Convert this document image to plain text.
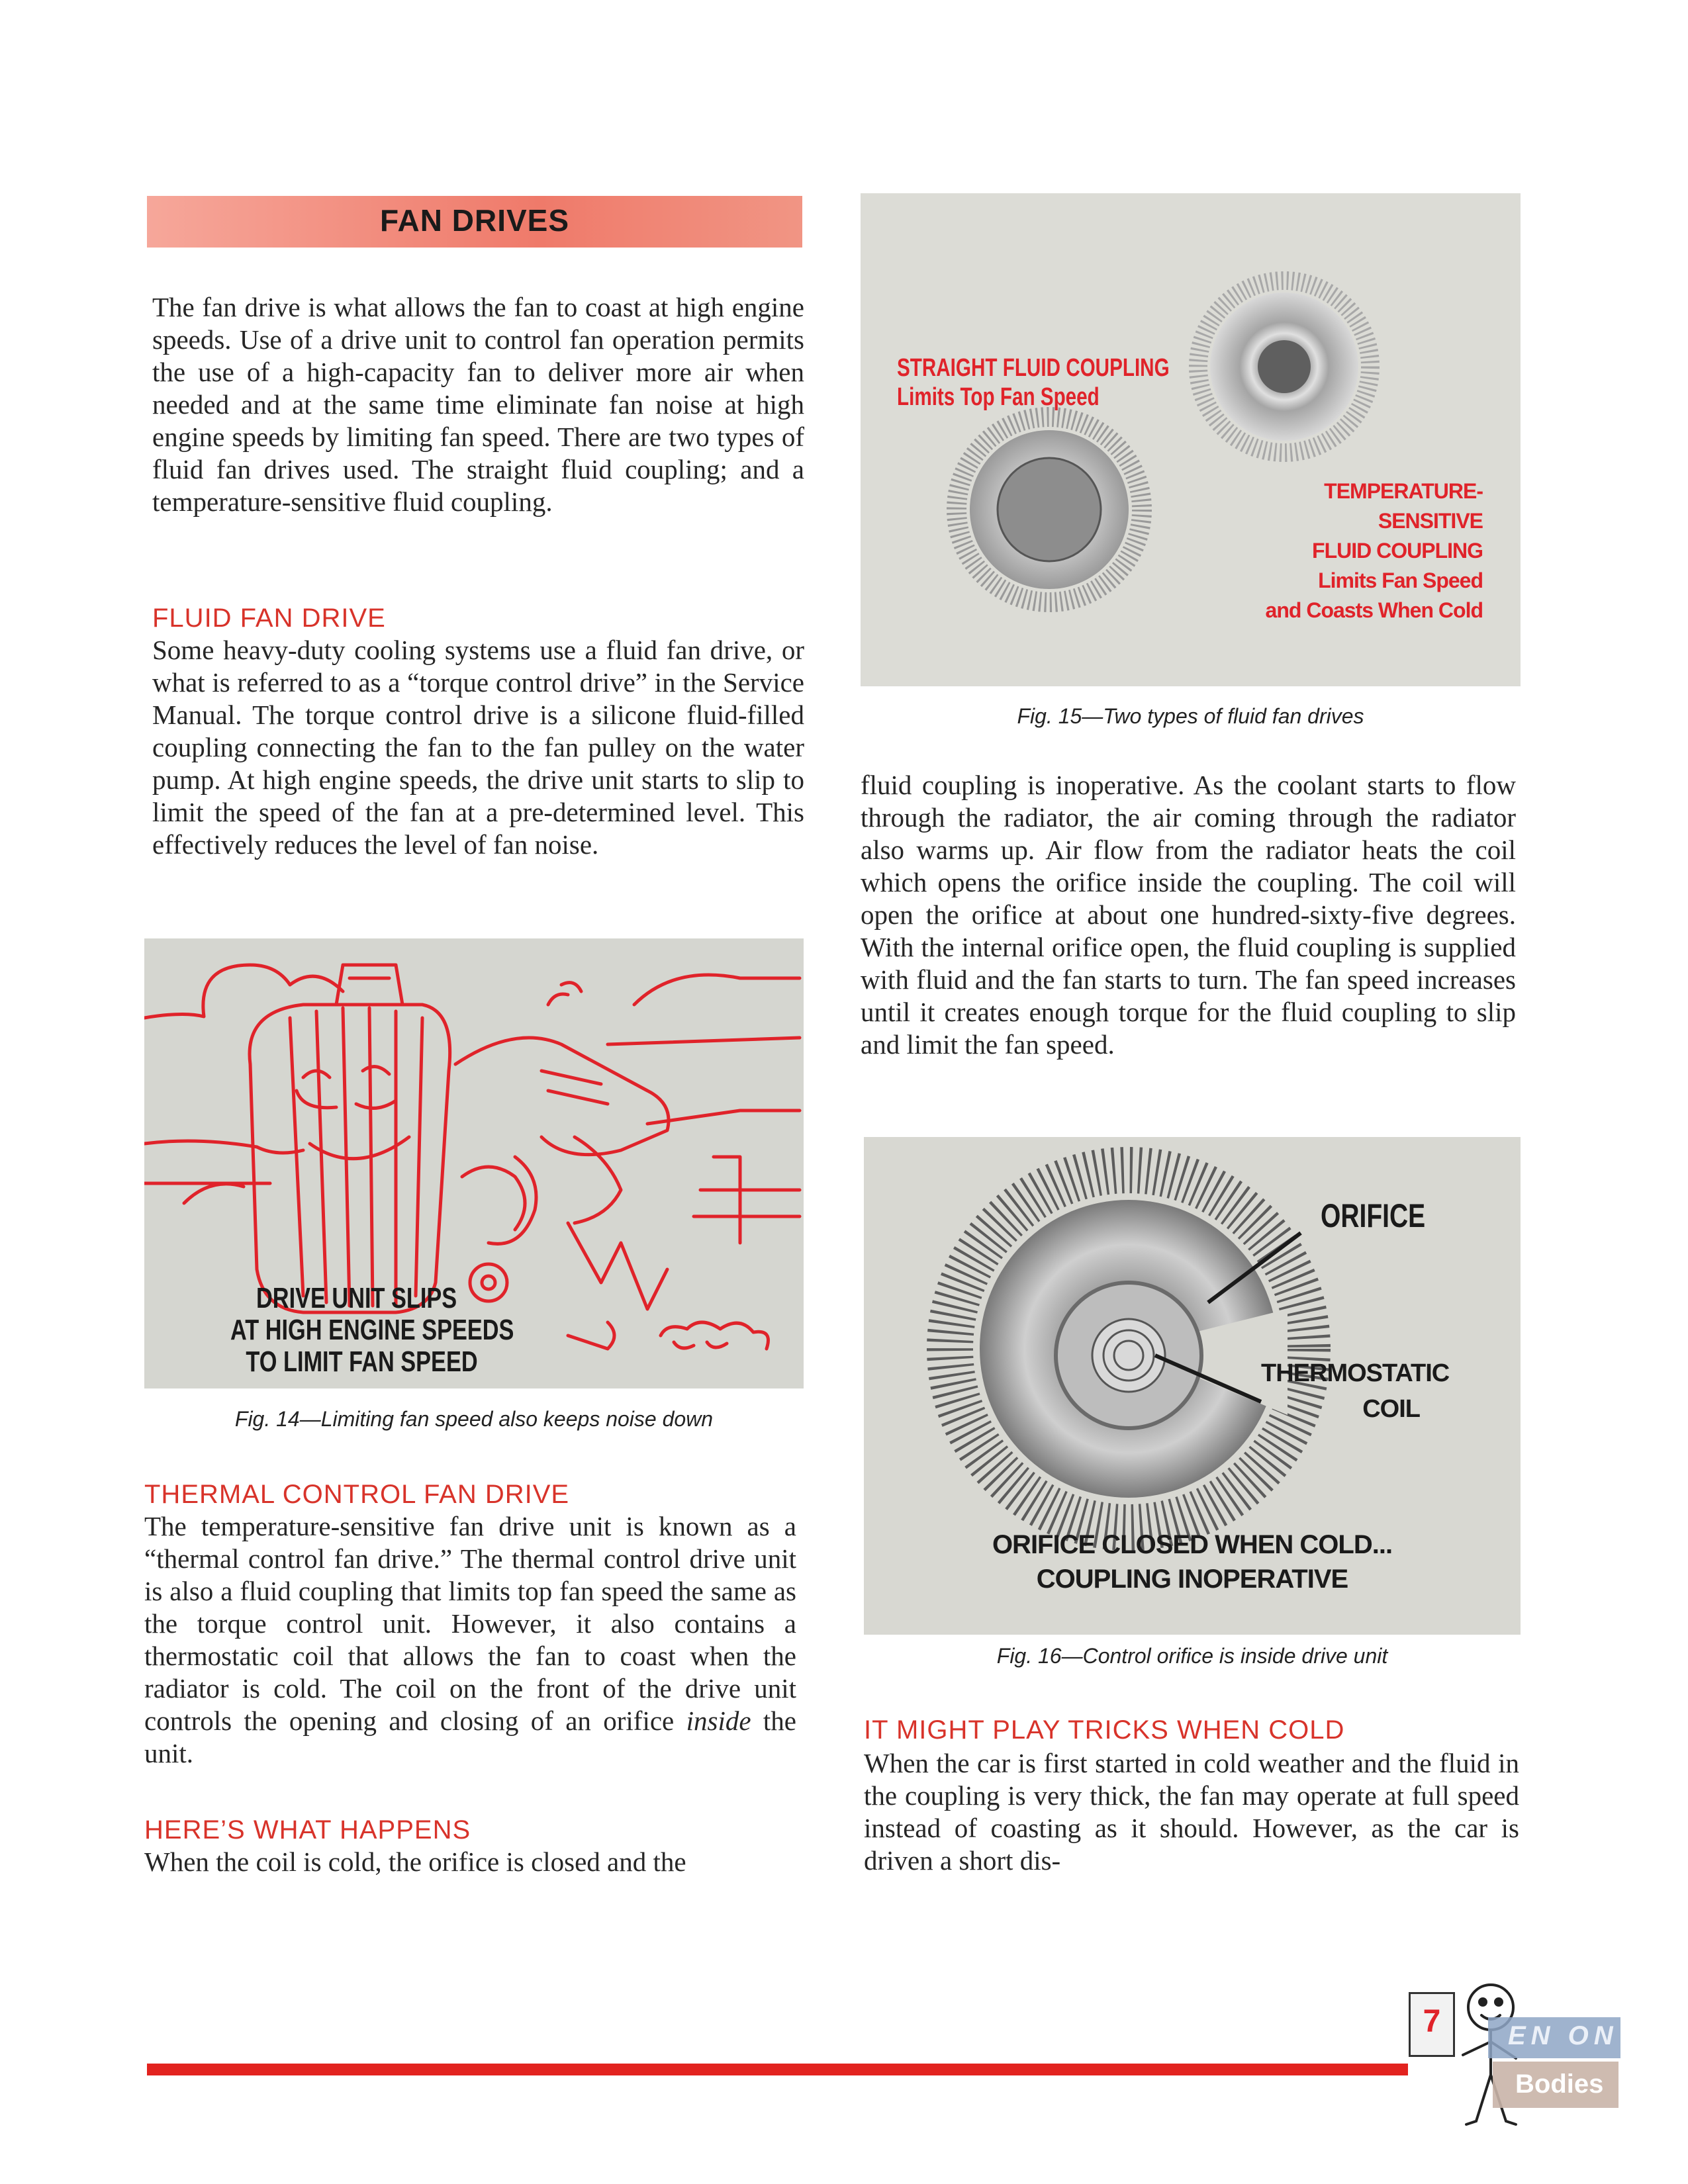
FAN DRIVES

The fan drive is what allows the fan to coast at high engine speeds. Use of a drive unit to control fan operation permits the use of a high-capacity fan to deliver more air when needed and at the same time eliminate fan noise at high engine speeds by limiting fan speed. There are two types of fluid fan drives used. The straight fluid coupling; and a temperature-sensitive fluid coupling.

FLUID FAN DRIVE

Some heavy-duty cooling systems use a fluid fan drive, or what is referred to as a “torque control drive” in the Service Manual. The torque control drive is a silicone fluid-filled coupling connecting the fan to the fan pulley on the water pump. At high engine speeds, the drive unit starts to slip to limit the speed of the fan at a pre-determined level. This effectively reduces the level of fan noise.

DRIVE UNIT SLIPS
AT HIGH ENGINE SPEEDS
TO LIMIT FAN SPEED
Fig. 14—Limiting fan speed also keeps noise down
THERMAL CONTROL FAN DRIVE

The temperature-sensitive fan drive unit is known as a “thermal control fan drive.” The thermal control drive unit is also a fluid coupling that limits top fan speed the same as the torque control unit. However, it also contains a thermostatic coil that allows the fan to coast when the radiator is cold. The coil on the front of the drive unit controls the opening and closing of an orifice inside the unit.

HERE’S WHAT HAPPENS

When the coil is cold, the orifice is closed and the

STRAIGHT FLUID COUPLING
Limits Top Fan Speed
TEMPERATURE-SENSITIVE
FLUID COUPLING
Limits Fan Speed
and Coasts When Cold
Fig. 15—Two types of fluid fan drives

fluid coupling is inoperative. As the coolant starts to flow through the radiator, the air coming through the radiator also warms up. Air flow from the radiator heats the coil which opens the orifice inside the coupling. The coil will open the orifice at about one hundred-sixty-five degrees. With the internal orifice open, the fluid coupling is supplied with fluid and the fan starts to turn. The fan speed increases until it creates enough torque for the fluid coupling to slip and limit the fan speed.

ORIFICE
THERMOSTATIC
COIL
ORIFICE CLOSED WHEN COLD...
COUPLING INOPERATIVE
Fig. 16—Control orifice is inside drive unit
IT MIGHT PLAY TRICKS WHEN COLD

When the car is first started in cold weather and the fluid in the coupling is very thick, the fan may operate at full speed instead of coasting as it should. However, as the car is driven a short dis-

7	EN ON
Bodies
